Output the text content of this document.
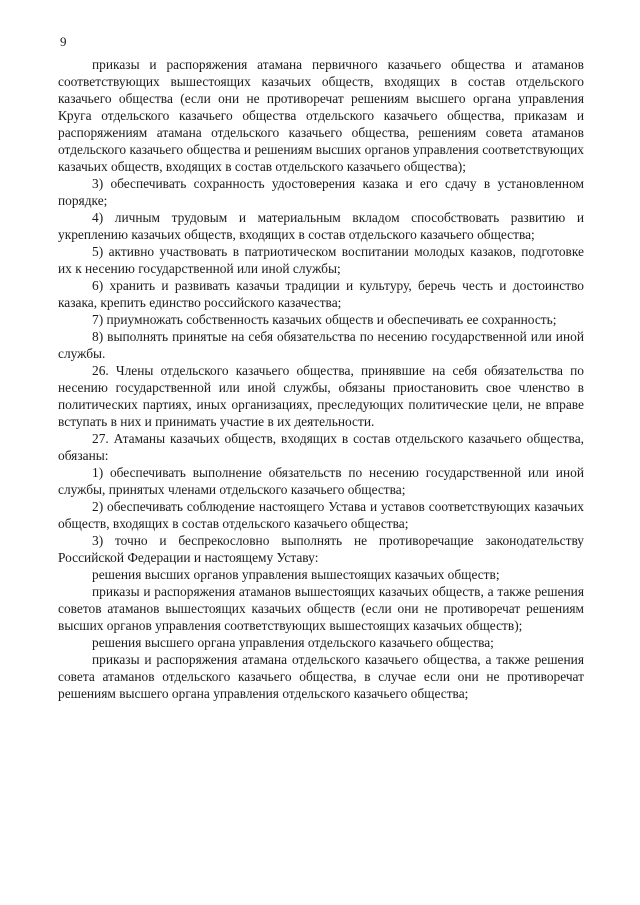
9

приказы и распоряжения атамана первичного казачьего общества и атаманов соответствующих вышестоящих казачьих обществ, входящих в состав отдельского казачьего общества (если они не противоречат решениям высшего органа управления Круга отдельского казачьего общества отдельского казачьего общества, приказам и распоряжениям атамана отдельского казачьего общества, решениям совета атаманов отдельского казачьего общества и решениям высших органов управления соответствующих казачьих обществ, входящих в состав отдельского казачьего общества);

3) обеспечивать сохранность удостоверения казака и его сдачу в установленном порядке;

4) личным трудовым и материальным вкладом способствовать развитию и укреплению казачьих обществ, входящих в состав отдельского казачьего общества;

5) активно участвовать в патриотическом воспитании молодых казаков, подготовке их к несению государственной или иной службы;

6) хранить и развивать казачьи традиции и культуру, беречь честь и достоинство казака, крепить единство российского казачества;

7) приумножать собственность казачьих обществ и обеспечивать ее сохранность;

8) выполнять принятые на себя обязательства по несению государственной или иной службы.

26. Члены отдельского казачьего общества, принявшие на себя обязательства по несению государственной или иной службы, обязаны приостановить свое членство в политических партиях, иных организациях, преследующих политические цели, не вправе вступать в них и принимать участие в их деятельности.

27. Атаманы казачьих обществ, входящих в состав отдельского казачьего общества, обязаны:

1) обеспечивать выполнение обязательств по несению государственной или иной службы, принятых членами отдельского казачьего общества;

2) обеспечивать соблюдение настоящего Устава и уставов соответствующих казачьих обществ, входящих в состав отдельского казачьего общества;

3) точно и беспрекословно выполнять не противоречащие законодательству Российской Федерации и настоящему Уставу:

решения высших органов управления вышестоящих казачьих обществ;

приказы и распоряжения атаманов вышестоящих казачьих обществ, а также решения советов атаманов вышестоящих казачьих обществ (если они не противоречат решениям высших органов управления соответствующих вышестоящих казачьих обществ);

решения высшего органа управления отдельского казачьего общества;

приказы и распоряжения атамана отдельского казачьего общества, а также решения совета атаманов отдельского казачьего общества, в случае если они не противоречат решениям высшего органа управления отдельского казачьего общества;
